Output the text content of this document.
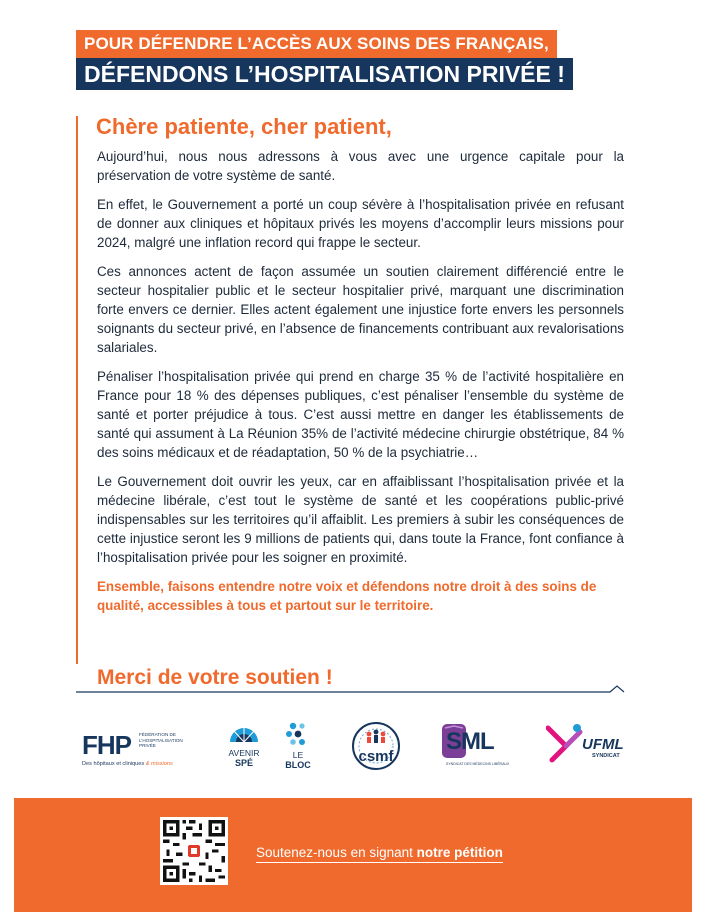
POUR DÉFENDRE L’ACCÈS AUX SOINS DES FRANÇAIS,
DÉFENDONS L’HOSPITALISATION PRIVÉE !
Chère patiente, cher patient,

Aujourd’hui, nous nous adressons à vous avec une urgence capitale pour la préservation de votre système de santé.

En effet, le Gouvernement a porté un coup sévère à l’hospitalisation privée en refusant de donner aux cliniques et hôpitaux privés les moyens d’accomplir leurs missions pour 2024, malgré une inflation record qui frappe le secteur.

Ces annonces actent de façon assumée un soutien clairement différencié entre le secteur hospitalier public et le secteur hospitalier privé, marquant une discrimination forte envers ce dernier. Elles actent également une injustice forte envers les personnels soignants du secteur privé, en l’absence de financements contribuant aux revalorisations salariales.

Pénaliser l’hospitalisation privée qui prend en charge 35 % de l’activité hospitalière en France pour 18 % des dépenses publiques, c’est pénaliser l’ensemble du système de santé et porter préjudice à tous. C’est aussi mettre en danger les établissements de santé qui assument à La Réunion 35% de l’activité médecine chirurgie obstétrique, 84 % des soins médicaux et de réadaptation, 50 % de la psychiatrie…

Le Gouvernement doit ouvrir les yeux, car en affaiblissant l’hospitalisation privée et la médecine libérale, c’est tout le système de santé et les coopérations public-privé indispensables sur les territoires qu’il affaiblit. Les premiers à subir les conséquences de cette injustice seront les 9 millions de patients qui, dans toute la France, font confiance à l’hospitalisation privée pour les soigner en proximité.

Ensemble, faisons entendre notre voix et défendons notre droit à des soins de qualité, accessibles à tous et partout sur le territoire.

Merci de votre soutien !
FHP FÉDÉRATION DE L’HOSPITALISATION PRIVÉE
Des hôpitaux et cliniques & missions
AVENIR
SPÉ
LE
BLOC	csmf
SML
SYNDICAT DES MÉDECINS LIBÉRAUX
UFML
SYNDICAT
Soutenez-nous en signant notre pétition
